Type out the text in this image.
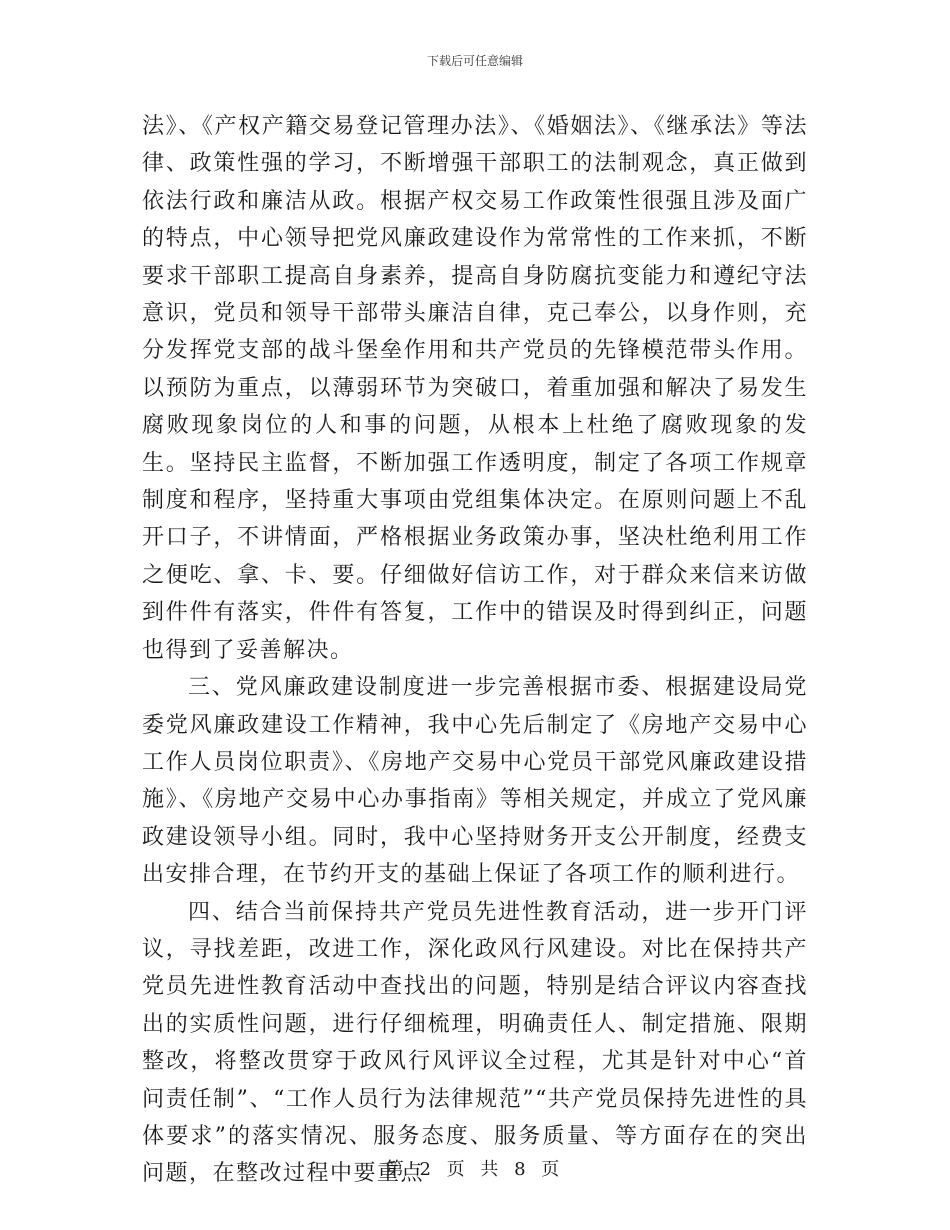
下载后可任意编辑

法》、《产权产籍交易登记管理办法》、《婚姻法》、《继承法》等法律、政策性强的学习，不断增强干部职工的法制观念，真正做到依法行政和廉洁从政。根据产权交易工作政策性很强且涉及面广的特点，中心领导把党风廉政建设作为常常性的工作来抓，不断要求干部职工提高自身素养，提高自身防腐抗变能力和遵纪守法意识，党员和领导干部带头廉洁自律，克己奉公，以身作则，充分发挥党支部的战斗堡垒作用和共产党员的先锋模范带头作用。以预防为重点，以薄弱环节为突破口，着重加强和解决了易发生腐败现象岗位的人和事的问题，从根本上杜绝了腐败现象的发生。坚持民主监督，不断加强工作透明度，制定了各项工作规章制度和程序，坚持重大事项由党组集体决定。在原则问题上不乱开口子，不讲情面，严格根据业务政策办事，坚决杜绝利用工作之便吃、拿、卡、要。仔细做好信访工作，对于群众来信来访做到件件有落实，件件有答复，工作中的错误及时得到纠正，问题也得到了妥善解决。

三、党风廉政建设制度进一步完善根据市委、根据建设局党委党风廉政建设工作精神，我中心先后制定了《房地产交易中心工作人员岗位职责》、《房地产交易中心党员干部党风廉政建设措施》、《房地产交易中心办事指南》等相关规定，并成立了党风廉政建设领导小组。同时，我中心坚持财务开支公开制度，经费支出安排合理，在节约开支的基础上保证了各项工作的顺利进行。

四、结合当前保持共产党员先进性教育活动，进一步开门评议，寻找差距，改进工作，深化政风行风建设。对比在保持共产党员先进性教育活动中查找出的问题，特别是结合评议内容查找出的实质性问题，进行仔细梳理，明确责任人、制定措施、限期整改，将整改贯穿于政风行风评议全过程，尤其是针对中心“首问责任制”、“工作人员行为法律规范”“共产党员保持先进性的具体要求”的落实情况、服务态度、服务质量、等方面存在的突出问题，在整改过程中要重点

第 2 页 共 8 页
